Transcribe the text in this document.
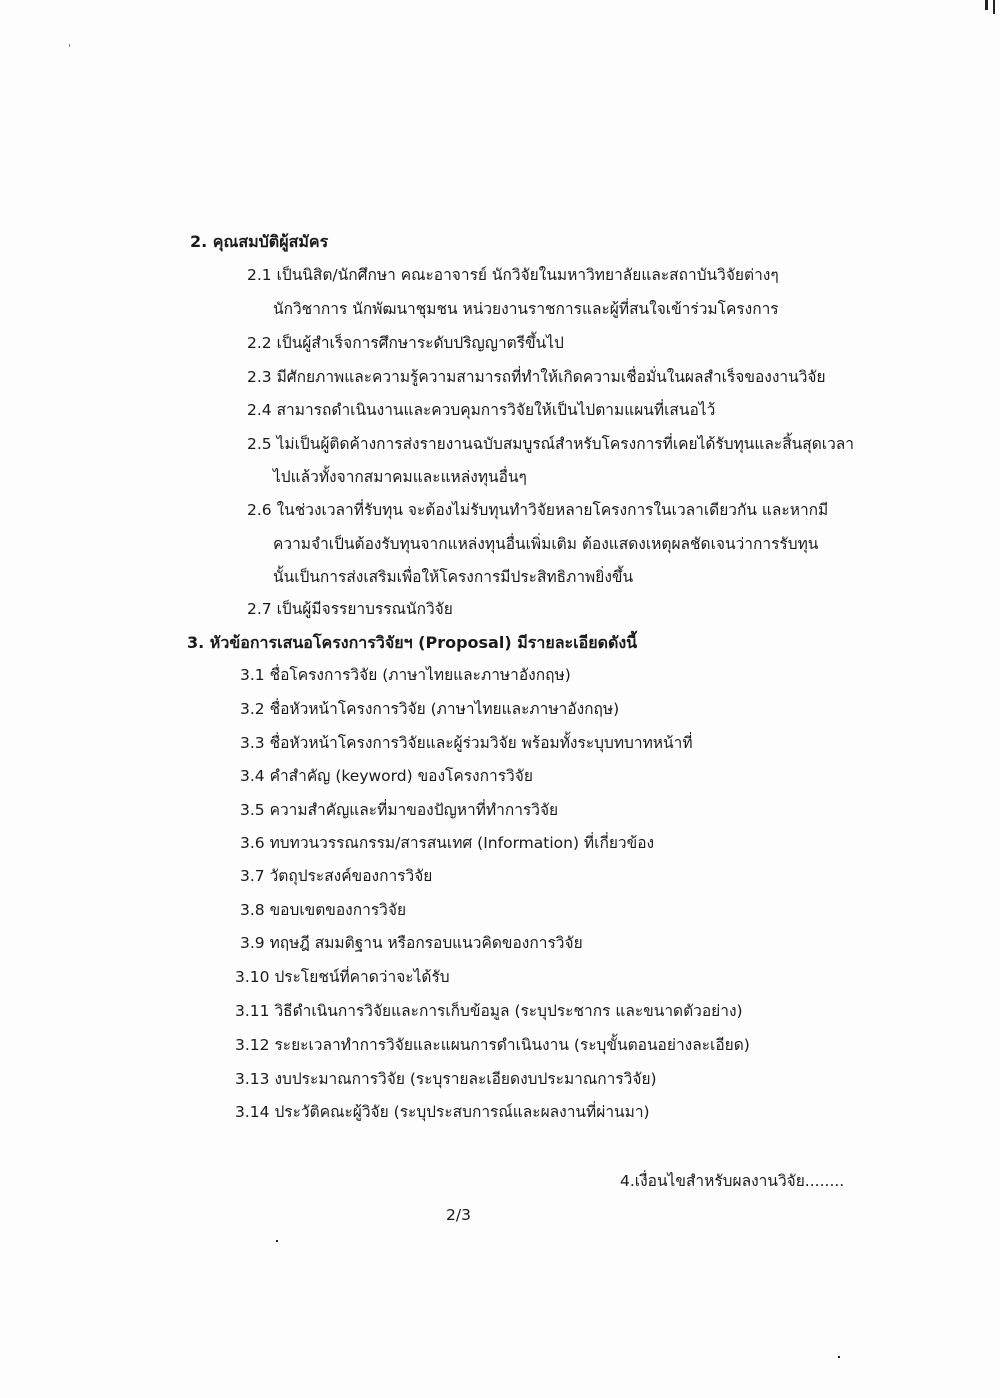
2. คุณสมบัติผู้สมัคร
2.1 เป็นนิสิต/นักศึกษา คณะอาจารย์ นักวิจัยในมหาวิทยาลัยและสถาบันวิจัยต่างๆ
นักวิชาการ นักพัฒนาชุมชน หน่วยงานราชการและผู้ที่สนใจเข้าร่วมโครงการ
2.2 เป็นผู้สำเร็จการศึกษาระดับปริญญาตรีขึ้นไป
2.3 มีศักยภาพและความรู้ความสามารถที่ทำให้เกิดความเชื่อมั่นในผลสำเร็จของงานวิจัย
2.4 สามารถดำเนินงานและควบคุมการวิจัยให้เป็นไปตามแผนที่เสนอไว้
2.5 ไม่เป็นผู้ติดค้างการส่งรายงานฉบับสมบูรณ์สำหรับโครงการที่เคยได้รับทุนและสิ้นสุดเวลา
ไปแล้วทั้งจากสมาคมและแหล่งทุนอื่นๆ
2.6 ในช่วงเวลาที่รับทุน จะต้องไม่รับทุนทำวิจัยหลายโครงการในเวลาเดียวกัน และหากมี
ความจำเป็นต้องรับทุนจากแหล่งทุนอื่นเพิ่มเติม ต้องแสดงเหตุผลชัดเจนว่าการรับทุน
นั้นเป็นการส่งเสริมเพื่อให้โครงการมีประสิทธิภาพยิ่งขึ้น
2.7 เป็นผู้มีจรรยาบรรณนักวิจัย
3. หัวข้อการเสนอโครงการวิจัยฯ (Proposal) มีรายละเอียดดังนี้
3.1 ชื่อโครงการวิจัย (ภาษาไทยและภาษาอังกฤษ)
3.2 ชื่อหัวหน้าโครงการวิจัย (ภาษาไทยและภาษาอังกฤษ)
3.3 ชื่อหัวหน้าโครงการวิจัยและผู้ร่วมวิจัย พร้อมทั้งระบุบทบาทหน้าที่
3.4 คำสำคัญ (keyword) ของโครงการวิจัย
3.5 ความสำคัญและที่มาของปัญหาที่ทำการวิจัย
3.6 ทบทวนวรรณกรรม/สารสนเทศ (Information) ที่เกี่ยวข้อง
3.7 วัตถุประสงค์ของการวิจัย
3.8 ขอบเขตของการวิจัย
3.9 ทฤษฎี สมมติฐาน หรือกรอบแนวคิดของการวิจัย
3.10 ประโยชน์ที่คาดว่าจะได้รับ
3.11 วิธีดำเนินการวิจัยและการเก็บข้อมูล (ระบุประชากร และขนาดตัวอย่าง)
3.12 ระยะเวลาทำการวิจัยและแผนการดำเนินงาน (ระบุขั้นตอนอย่างละเอียด)
3.13 งบประมาณการวิจัย (ระบุรายละเอียดงบประมาณการวิจัย)
3.14 ประวัติคณะผู้วิจัย (ระบุประสบการณ์และผลงานที่ผ่านมา)
4.เงื่อนไขสำหรับผลงานวิจัย........
2/3
